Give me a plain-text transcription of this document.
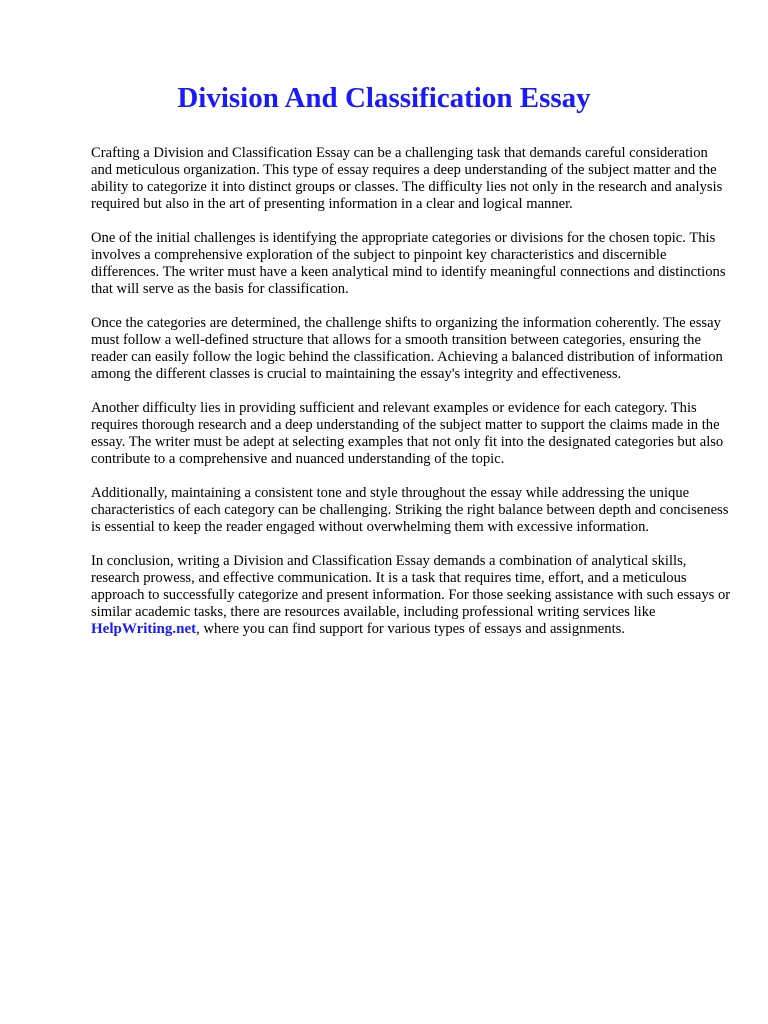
Division And Classification Essay

Crafting a Division and Classification Essay can be a challenging task that demands careful consideration and meticulous organization. This type of essay requires a deep understanding of the subject matter and the ability to categorize it into distinct groups or classes. The difficulty lies not only in the research and analysis required but also in the art of presenting information in a clear and logical manner.

One of the initial challenges is identifying the appropriate categories or divisions for the chosen topic. This involves a comprehensive exploration of the subject to pinpoint key characteristics and discernible differences. The writer must have a keen analytical mind to identify meaningful connections and distinctions that will serve as the basis for classification.

Once the categories are determined, the challenge shifts to organizing the information coherently. The essay must follow a well-defined structure that allows for a smooth transition between categories, ensuring the reader can easily follow the logic behind the classification. Achieving a balanced distribution of information among the different classes is crucial to maintaining the essay's integrity and effectiveness.

Another difficulty lies in providing sufficient and relevant examples or evidence for each category. This requires thorough research and a deep understanding of the subject matter to support the claims made in the essay. The writer must be adept at selecting examples that not only fit into the designated categories but also contribute to a comprehensive and nuanced understanding of the topic.

Additionally, maintaining a consistent tone and style throughout the essay while addressing the unique characteristics of each category can be challenging. Striking the right balance between depth and conciseness is essential to keep the reader engaged without overwhelming them with excessive information.

In conclusion, writing a Division and Classification Essay demands a combination of analytical skills, research prowess, and effective communication. It is a task that requires time, effort, and a meticulous approach to successfully categorize and present information. For those seeking assistance with such essays or similar academic tasks, there are resources available, including professional writing services like HelpWriting.net, where you can find support for various types of essays and assignments.
